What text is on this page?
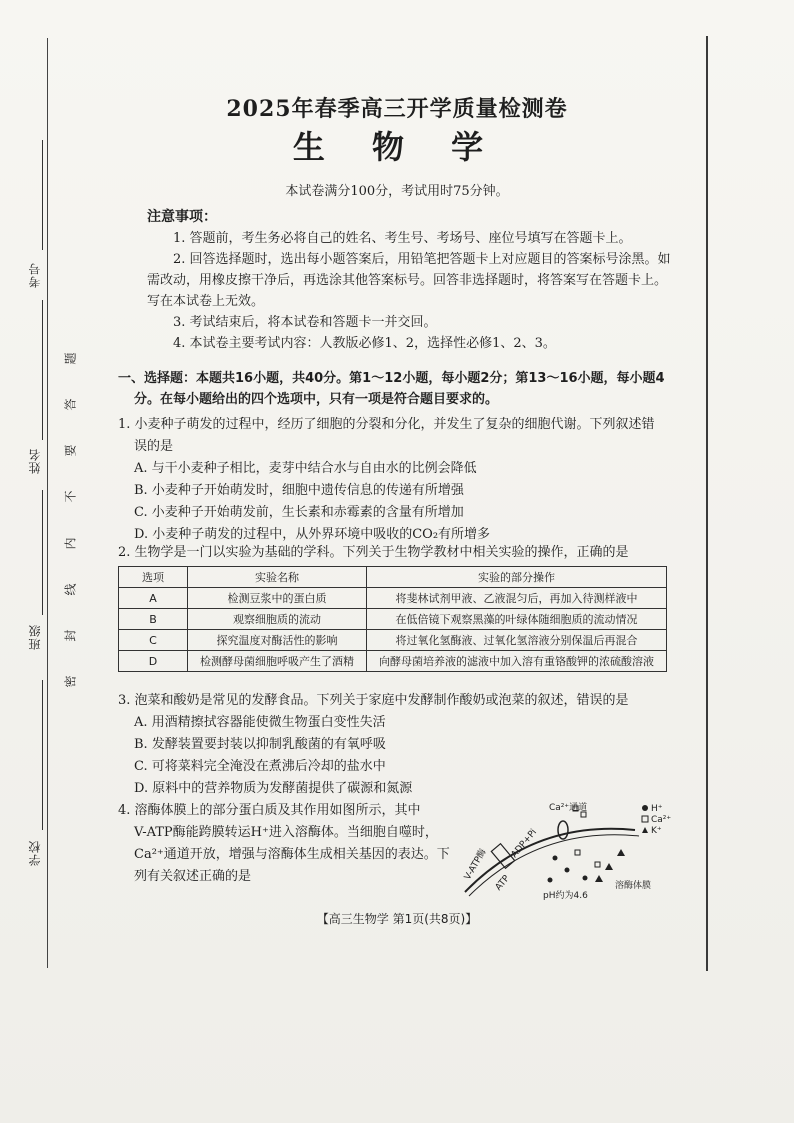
考号
姓名
班级
学校
题
答
要
不
内
线
封
密
2025年春季高三开学质量检测卷
生 物 学
本试卷满分100分，考试用时75分钟。
注意事项：

1. 答题前，考生务必将自己的姓名、考生号、考场号、座位号填写在答题卡上。

2. 回答选择题时，选出每小题答案后，用铅笔把答题卡上对应题目的答案标号涂黑。如需改动，用橡皮擦干净后，再选涂其他答案标号。回答非选择题时，将答案写在答题卡上。写在本试卷上无效。

3. 考试结束后，将本试卷和答题卡一并交回。

4. 本试卷主要考试内容：人教版必修1、2，选择性必修1、2、3。

一、选择题：本题共16小题，共40分。第1～12小题，每小题2分；第13～16小题，每小题4
分。在每小题给出的四个选项中，只有一项是符合题目要求的。

1. 小麦种子萌发的过程中，经历了细胞的分裂和分化，并发生了复杂的细胞代谢。下列叙述错

误的是

A. 与干小麦种子相比，麦芽中结合水与自由水的比例会降低

B. 小麦种子开始萌发时，细胞中遗传信息的传递有所增强

C. 小麦种子开始萌发前，生长素和赤霉素的含量有所增加

D. 小麦种子萌发的过程中，从外界环境中吸收的CO₂有所增多

2. 生物学是一门以实验为基础的学科。下列关于生物学教材中相关实验的操作，正确的是

选项	实验名称	实验的部分操作
A	检测豆浆中的蛋白质	将斐林试剂甲液、乙液混匀后，再加入待测样液中
B	观察细胞质的流动	在低倍镜下观察黑藻的叶绿体随细胞质的流动情况
C	探究温度对酶活性的影响	将过氧化氢酶液、过氧化氢溶液分别保温后再混合
D	检测酵母菌细胞呼吸产生了酒精	向酵母菌培养液的滤液中加入溶有重铬酸钾的浓硫酸溶液

3. 泡菜和酸奶是常见的发酵食品。下列关于家庭中发酵制作酸奶或泡菜的叙述，错误的是

A. 用酒精擦拭容器能使微生物蛋白变性失活

B. 发酵装置要封装以抑制乳酸菌的有氧呼吸

C. 可将菜料完全淹没在煮沸后冷却的盐水中

D. 原料中的营养物质为发酵菌提供了碳源和氮源

4. 溶酶体膜上的部分蛋白质及其作用如图所示，其中

V-ATP酶能跨膜转运H⁺进入溶酶体。当细胞自噬时，

Ca²⁺通道开放，增强与溶酶体生成相关基因的表达。下

列有关叙述正确的是

Ca²⁺通道
V-ATP酶
ATP
ADP+Pi
pH约为4.6
溶酶体膜
H⁺
Ca²⁺
K⁺
【高三生物学 第1页(共8页)】
